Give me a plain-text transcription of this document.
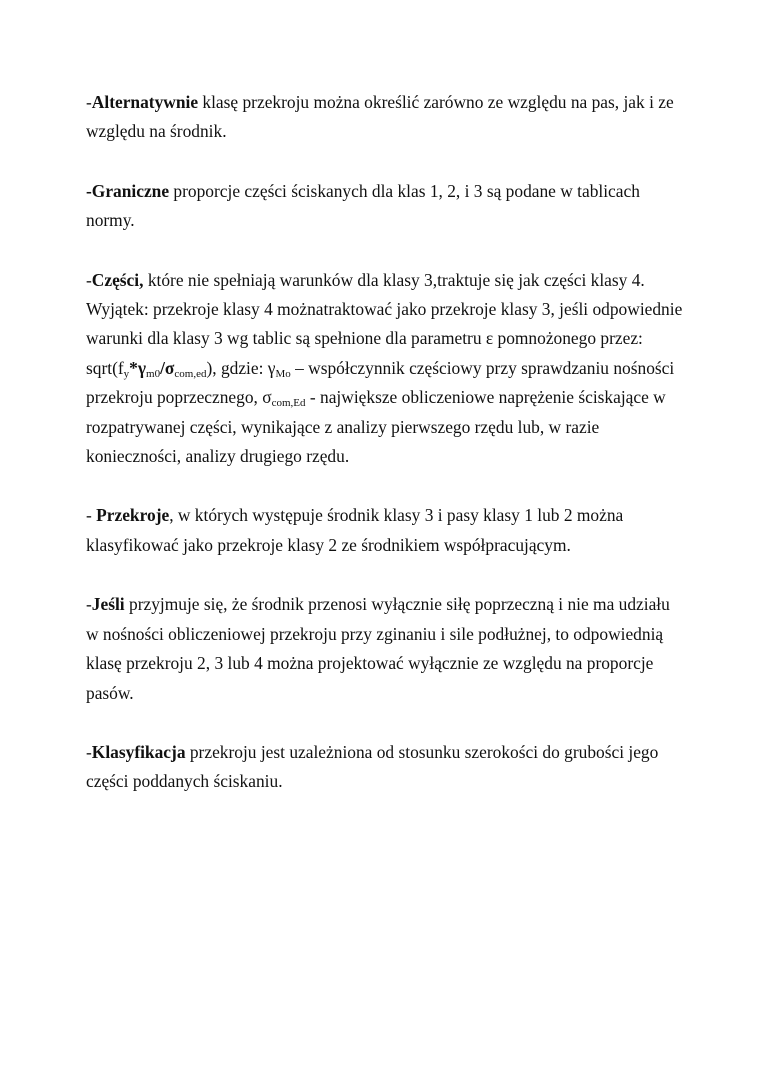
-Alternatywnie klasę przekroju można określić zarówno ze względu na pas, jak i ze względu na środnik.

-Graniczne proporcje części ściskanych dla klas 1, 2, i 3 są podane w tablicach normy.

-Części, które nie spełniają warunków dla klasy 3,traktuje się jak części klasy 4. Wyjątek: przekroje klasy 4 możnatraktować jako przekroje klasy 3, jeśli odpowiednie warunki dla klasy 3 wg tablic są spełnione dla parametru ε pomnożonego przez: $sqrt(f_y*\gamma_{m0}/\sigma_{com,ed})$, gdzie: $\gamma_{Mo}$ – współczynnik częściowy przy sprawdzaniu nośności przekroju poprzecznego, $\sigma_{com,Ed}$ - największe obliczeniowe naprężenie ściskające w rozpatrywanej części, wynikające z analizy pierwszego rzędu lub, w razie konieczności, analizy drugiego rzędu.

- Przekroje, w których występuje środnik klasy 3 i pasy klasy 1 lub 2 można klasyfikować jako przekroje klasy 2 ze środnikiem współpracującym.

-Jeśli przyjmuje się, że środnik przenosi wyłącznie siłę poprzeczną i nie ma udziału w nośności obliczeniowej przekroju przy zginaniu i sile podłużnej, to odpowiednią klasę przekroju 2, 3 lub 4 można projektować wyłącznie ze względu na proporcje pasów.

-Klasyfikacja przekroju jest uzależniona od stosunku szerokości do grubości jego części poddanych ściskaniu.
